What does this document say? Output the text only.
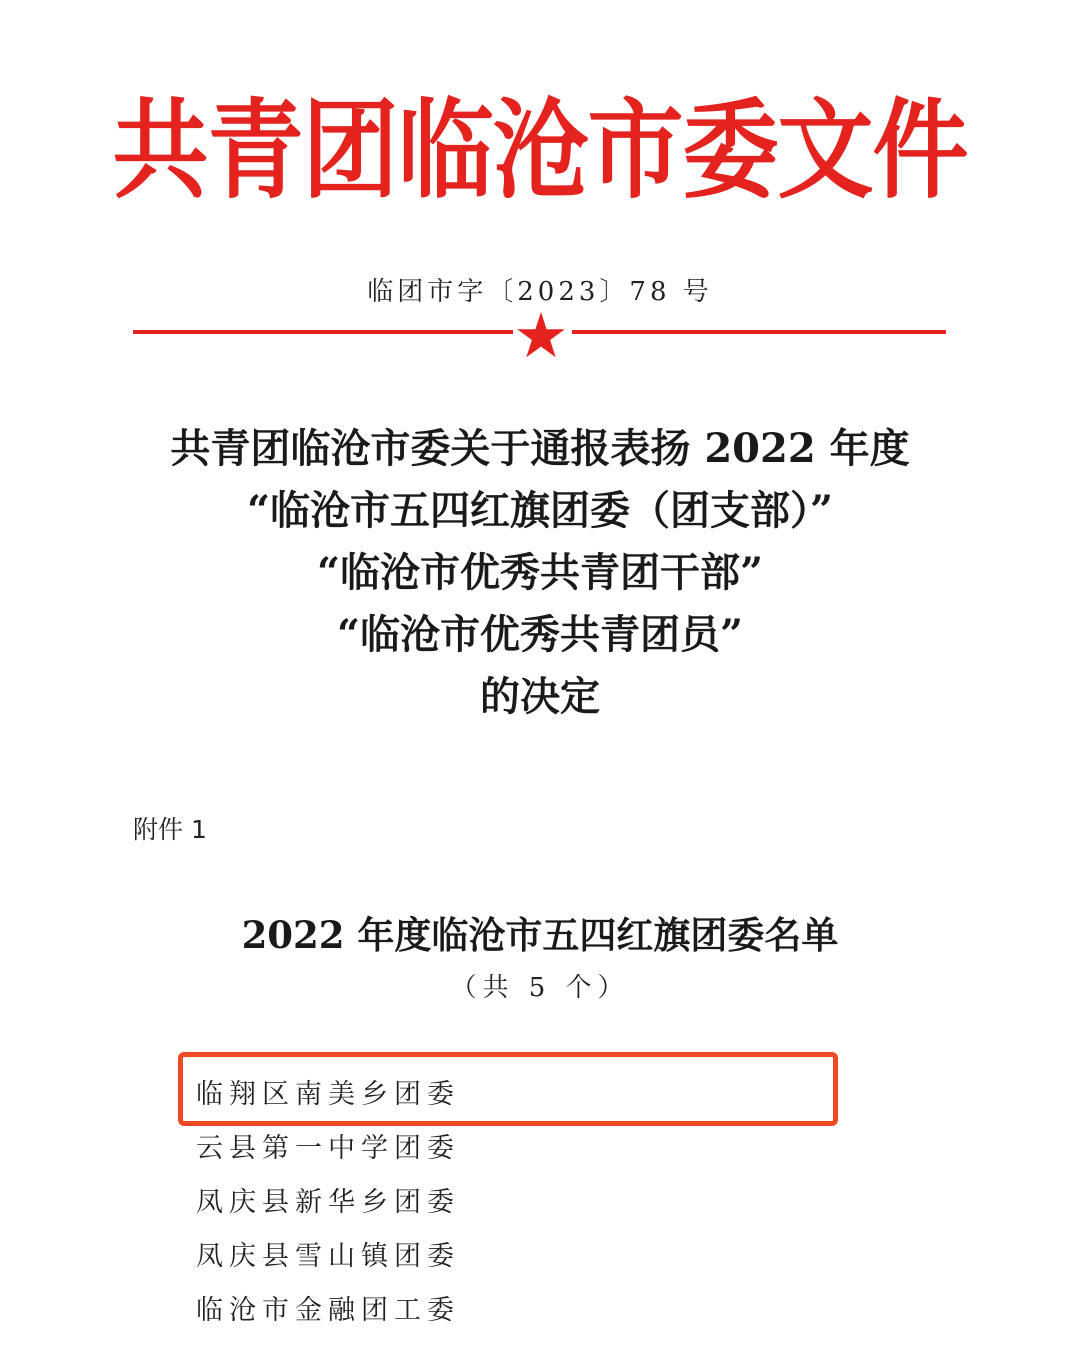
共青团临沧市委文件
临团市字〔2023〕78 号
共青团临沧市委关于通报表扬 2022 年度
“临沧市五四红旗团委（团支部）”
“临沧市优秀共青团干部”
“临沧市优秀共青团员”
的决定
附件 1
2022 年度临沧市五四红旗团委名单
（共 5 个）
临翔区南美乡团委
云县第一中学团委
凤庆县新华乡团委
凤庆县雪山镇团委
临沧市金融团工委
